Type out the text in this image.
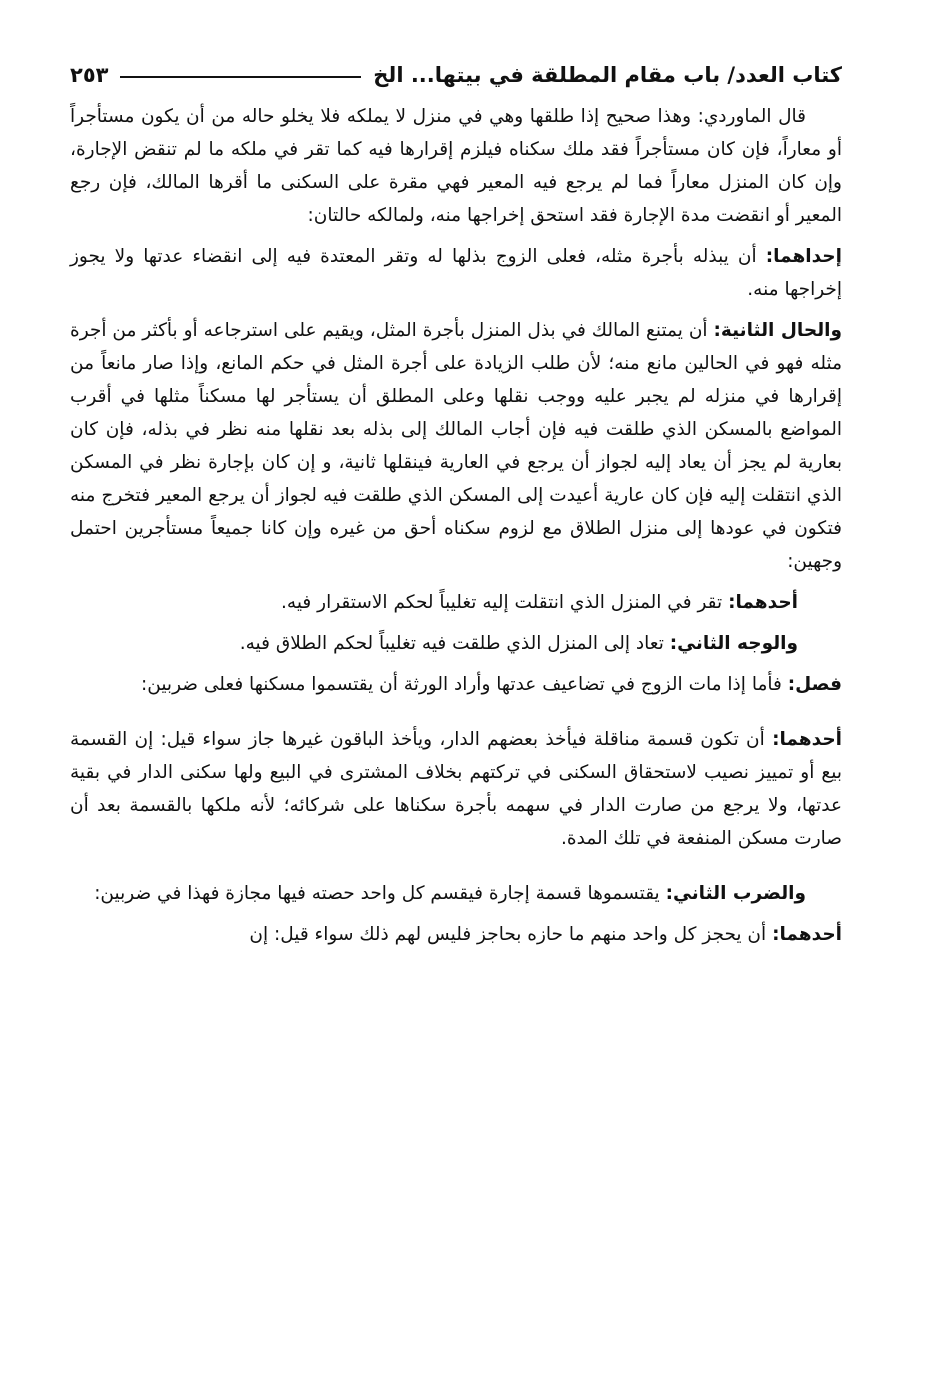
كتاب العدد/ باب مقام المطلقة في بيتها... الخ
٢٥٣

قال الماوردي: وهذا صحيح إذا طلقها وهي في منزل لا يملكه فلا يخلو حاله من أن يكون مستأجراً أو معاراً، فإن كان مستأجراً فقد ملك سكناه فيلزم إقرارها فيه كما تقر في ملكه ما لم تنقض الإجارة، وإن كان المنزل معاراً فما لم يرجع فيه المعير فهي مقرة على السكنى ما أقرها المالك، فإن رجع المعير أو انقضت مدة الإجارة فقد استحق إخراجها منه، ولمالكه حالتان:

إحداهما: أن يبذله بأجرة مثله، فعلى الزوج بذلها له وتقر المعتدة فيه إلى انقضاء عدتها ولا يجوز إخراجها منه.

والحال الثانية: أن يمتنع المالك في بذل المنزل بأجرة المثل، ويقيم على استرجاعه أو بأكثر من أجرة مثله فهو في الحالين مانع منه؛ لأن طلب الزيادة على أجرة المثل في حكم المانع، وإذا صار مانعاً من إقرارها في منزله لم يجبر عليه ووجب نقلها وعلى المطلق أن يستأجر لها مسكناً مثلها في أقرب المواضع بالمسكن الذي طلقت فيه فإن أجاب المالك إلى بذله بعد نقلها منه نظر في بذله، فإن كان بعارية لم يجز أن يعاد إليه لجواز أن يرجع في العارية فينقلها ثانية، و إن كان بإجارة نظر في المسكن الذي انتقلت إليه فإن كان عارية أعيدت إلى المسكن الذي طلقت فيه لجواز أن يرجع المعير فتخرج منه فتكون في عودها إلى منزل الطلاق مع لزوم سكناه أحق من غيره وإن كانا جميعاً مستأجرين احتمل وجهين:

أحدهما: تقر في المنزل الذي انتقلت إليه تغليباً لحكم الاستقرار فيه.

والوجه الثاني: تعاد إلى المنزل الذي طلقت فيه تغليباً لحكم الطلاق فيه.

فصل: فأما إذا مات الزوج في تضاعيف عدتها وأراد الورثة أن يقتسموا مسكنها فعلى ضربين:

أحدهما: أن تكون قسمة مناقلة فيأخذ بعضهم الدار، ويأخذ الباقون غيرها جاز سواء قيل: إن القسمة بيع أو تمييز نصيب لاستحقاق السكنى في تركتهم بخلاف المشترى في البيع ولها سكنى الدار في بقية عدتها، ولا يرجع من صارت الدار في سهمه بأجرة سكناها على شركائه؛ لأنه ملكها بالقسمة بعد أن صارت مسكن المنفعة في تلك المدة.

والضرب الثاني: يقتسموها قسمة إجارة فيقسم كل واحد حصته فيها مجازة فهذا في ضربين:

أحدهما: أن يحجز كل واحد منهم ما حازه بحاجز فليس لهم ذلك سواء قيل: إن
